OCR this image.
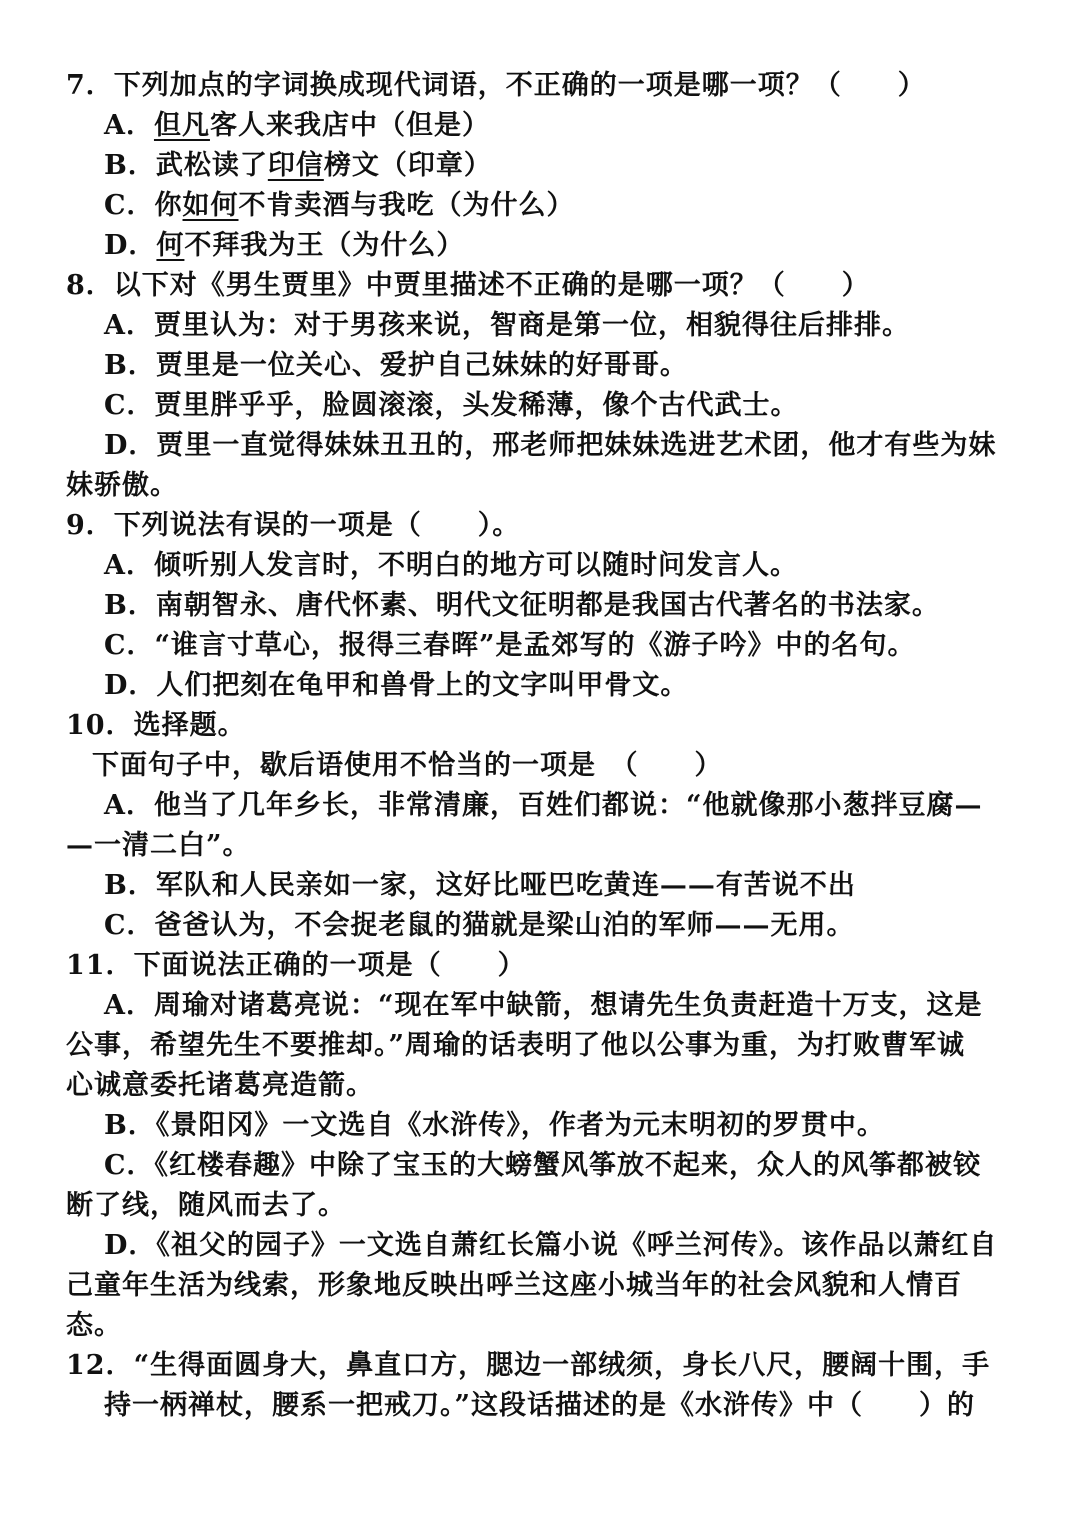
7．下列加点的字词换成现代词语，不正确的一项是哪一项？（　　）
A．但凡客人来我店中（但是）
B．武松读了印信榜文（印章）
C．你如何不肯卖酒与我吃（为什么）
D．何不拜我为王（为什么）
8．以下对《男生贾里》中贾里描述不正确的是哪一项？（　　）
A．贾里认为：对于男孩来说，智商是第一位，相貌得往后排排。
B．贾里是一位关心、爱护自己妹妹的好哥哥。
C．贾里胖乎乎，脸圆滚滚，头发稀薄，像个古代武士。
D．贾里一直觉得妹妹丑丑的，邢老师把妹妹选进艺术团，他才有些为妹
妹骄傲。
9．下列说法有误的一项是（　　）。
A．倾听别人发言时，不明白的地方可以随时问发言人。
B．南朝智永、唐代怀素、明代文征明都是我国古代著名的书法家。
C．“谁言寸草心，报得三春晖”是孟郊写的《游子吟》中的名句。
D．人们把刻在龟甲和兽骨上的文字叫甲骨文。
10．选择题。
下面句子中，歇后语使用不恰当的一项是　（　　）
A．他当了几年乡长，非常清廉，百姓们都说：“他就像那小葱拌豆腐—
—一清二白”。
B．军队和人民亲如一家，这好比哑巴吃黄连——有苦说不出
C．爸爸认为，不会捉老鼠的猫就是梁山泊的军师——无用。
11．下面说法正确的一项是（　　）
A．周瑜对诸葛亮说：“现在军中缺箭，想请先生负责赶造十万支，这是
公事，希望先生不要推却。”周瑜的话表明了他以公事为重，为打败曹军诚
心诚意委托诸葛亮造箭。
B．《景阳冈》一文选自《水浒传》，作者为元末明初的罗贯中。
C．《红楼春趣》中除了宝玉的大螃蟹风筝放不起来，众人的风筝都被铰
断了线，随风而去了。
D．《祖父的园子》一文选自萧红长篇小说《呼兰河传》。该作品以萧红自
己童年生活为线索，形象地反映出呼兰这座小城当年的社会风貌和人情百
态。
12．“生得面圆身大，鼻直口方，腮边一部绒须，身长八尺，腰阔十围，手
持一柄禅杖，腰系一把戒刀。”这段话描述的是《水浒传》中（　　）的
